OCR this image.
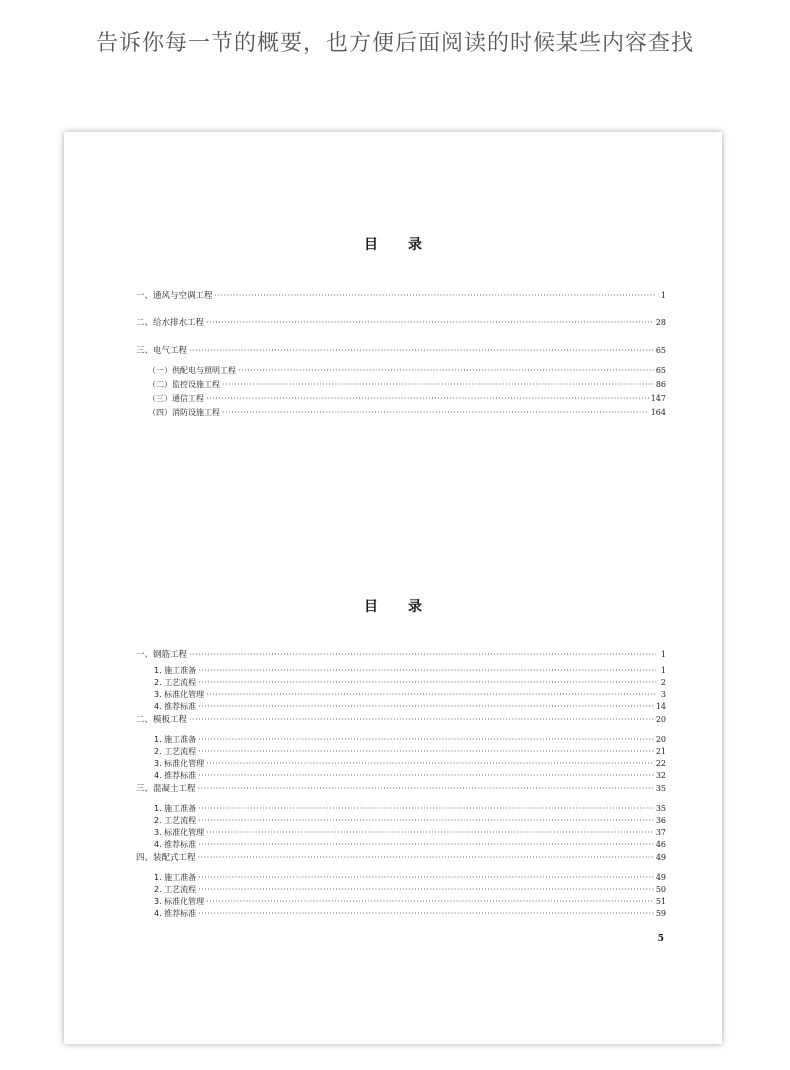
告诉你每一节的概要，也方便后面阅读的时候某些内容查找
目 录
一、通风与空调工程 ·····	1
二、给水排水工程 ·····	28
三、电气工程 ·····	65
（一）供配电与照明工程 ·····	65
（二）监控设施工程 ·····	86
（三）通信工程 ·····	147
（四）消防设施工程 ·····	164
目 录
一、钢筋工程 ·····	1
1. 施工准备 ·····	1
2. 工艺流程 ·····	2
3. 标准化管理 ·····	3
4. 推荐标准 ·····	14
二、模板工程 ·····	20
1. 施工准备 ·····	20
2. 工艺流程 ·····	21
3. 标准化管理 ·····	22
4. 推荐标准 ·····	32
三、混凝土工程 ·····	35
1. 施工准备 ·····	35
2. 工艺流程 ·····	36
3. 标准化管理 ·····	37
4. 推荐标准 ·····	46
四、装配式工程 ·····	49
1. 施工准备 ·····	49
2. 工艺流程 ·····	50
3. 标准化管理 ·····	51
4. 推荐标准 ·····	59
5
